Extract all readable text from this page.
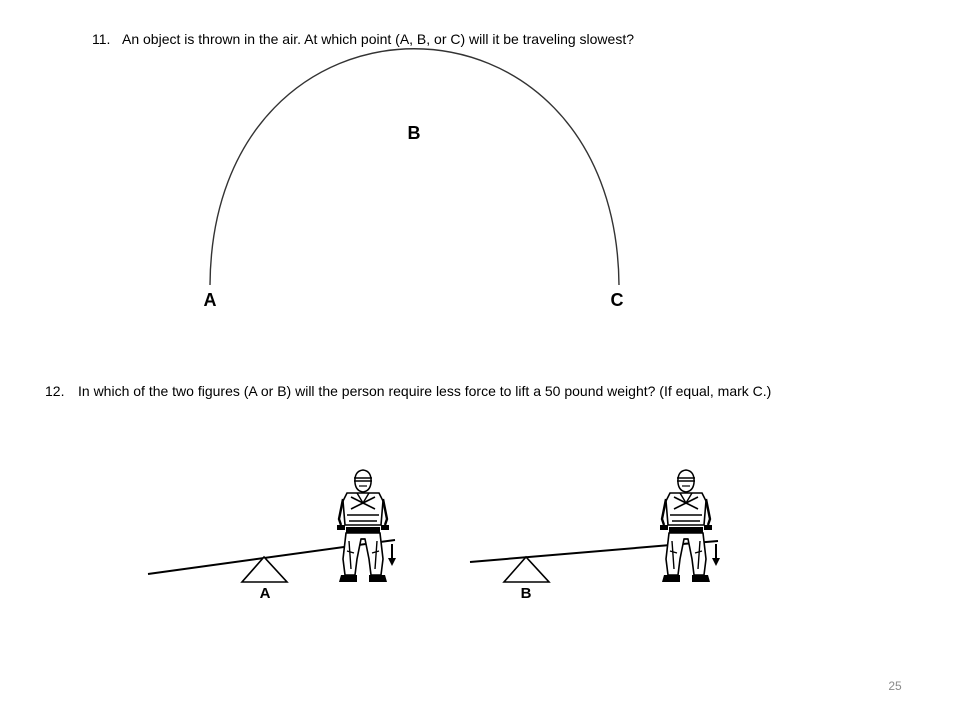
11. An object is thrown in the air. At which point (A, B, or C) will it be traveling slowest?
A
B
C
12. In which of the two figures (A or B) will the person require less force to lift a 50 pound weight? (If equal, mark C.)
A	B
25
